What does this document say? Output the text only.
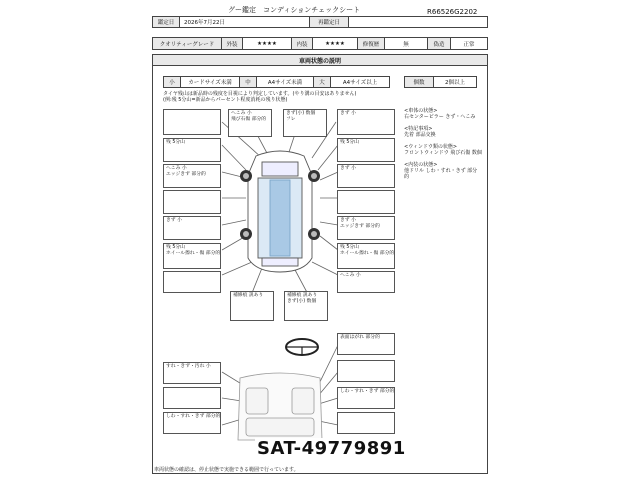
グー鑑定　コンディションチェックシート	R66526G2202
鑑定日	2026年7月22日	再鑑定日
クオリティーグレード	外装	★★★★	内装	★★★★	修復歴	無	偽造	正常
車両状態の説明
小	カードサイズ未満	中	A4サイズ未満	大	A4サイズ以上	個数	2個以上
タイヤ残山は新品時の残度を目視により判定しています。(やり溝の目安はありません)
(例:残 5分山=新品からパーセント程度消耗の残り状態)
へこみ 小
飛び石傷 部分的
きず(小) 数個
フレ
きず 小
残 5分山
へこみ 小
エッジきず 部分的
きず 小
残 5分山
ホイール擦れ・傷 部分的
残 5分山
きず 小
きず 小
エッジきず 部分的
残 5分山
ホイール擦れ・傷 部分的
へこみ 小
補修痕 説あり	補修痕 説あり
きず(小) 数個
すれ・きず・汚れ 小
しわ・すれ・きず 部分的
表面はがれ 部分的
しわ・すれ・きず 部分的
<車体の状態>
右センターピラー きず・へこみ
<特記事項>
先着 部品交換
<ウィンドウ類の状態>
フロントウィンドウ 飛び石傷 数個
<内装の状態>
他ドリル しわ・すれ・きず 部分的
SAT-49779891
車両状態の確認は、停止状態で実施できる範囲で行っています。
